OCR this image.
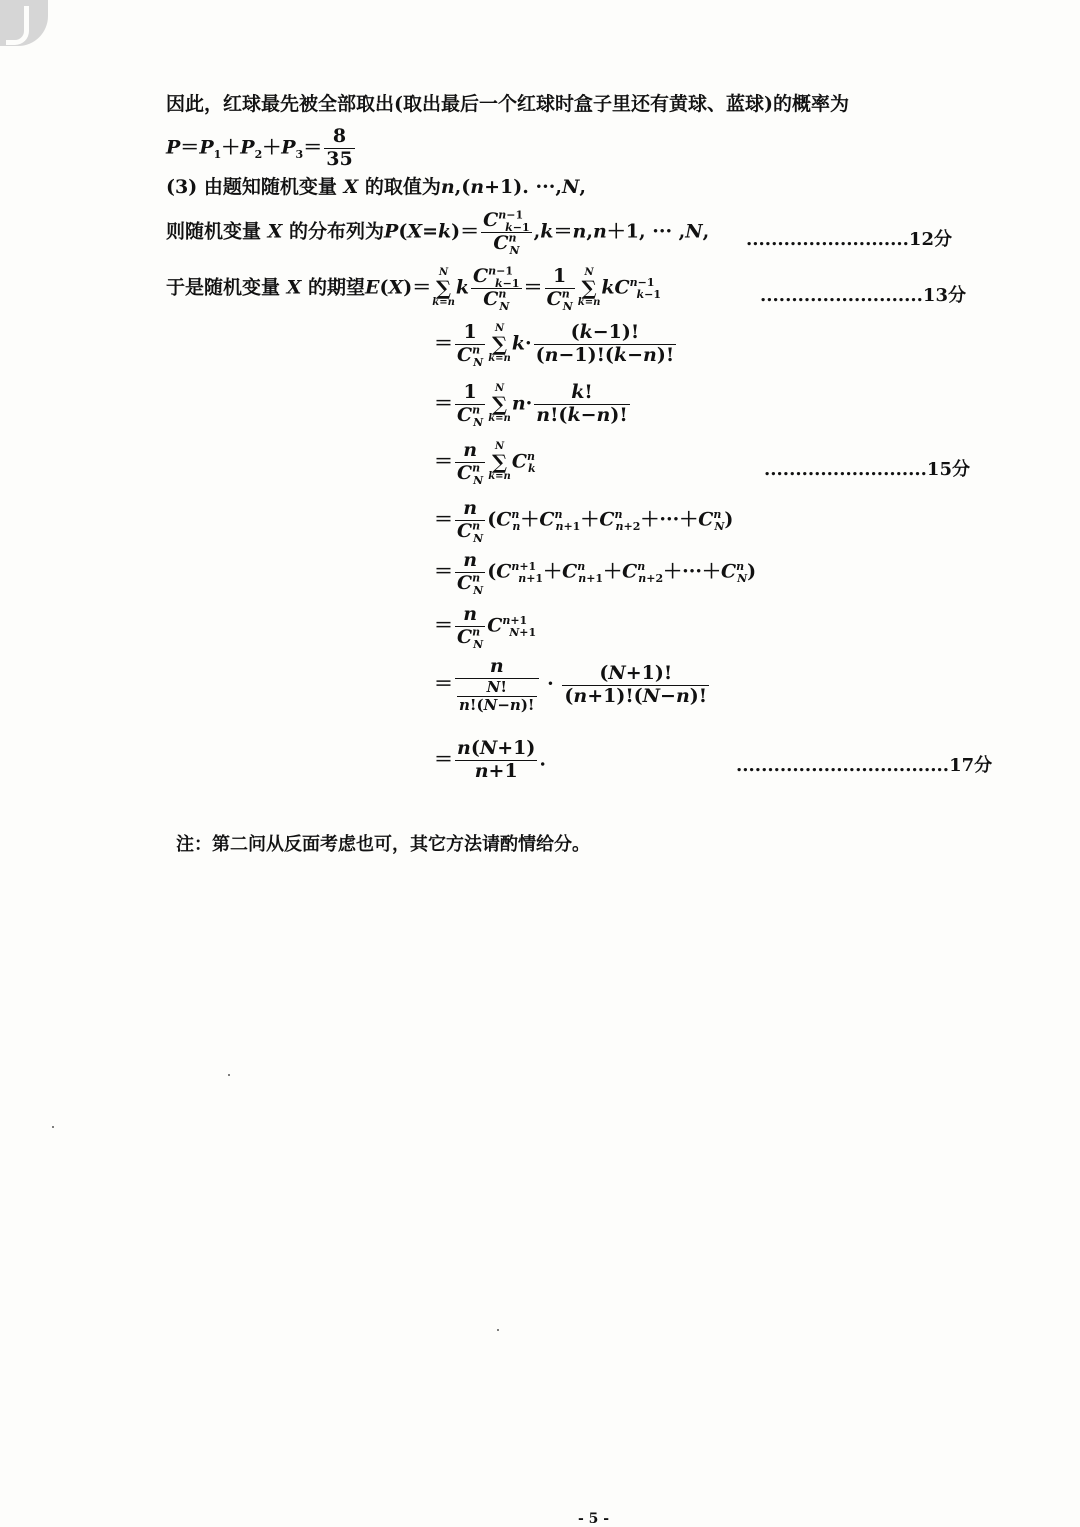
因此，红球最先被全部取出(取出最后一个红球时盒子里还有黄球、蓝球)的概率为
$P=P_1+P_2+P_3= \frac{8}{35}$
(3) 由题知随机变量 X 的取值为n,(n+1). ···,N,
则随机变量 X 的分布列为$P(X=k)= \frac{C^{n-1}_{k-1}}{C^n_N} ,k=n,n+1$, ··· ,N, ..........................12分
于是随机变量 X 的期望E(X)＝
N
∑
k=n
k $\frac{C^{n-1}_{k-1}}{C^n_N} = \frac{1}{C^n_N}$ N
∑
k=n
$kC^{n-1}_{k-1}$	..........................13分
＝ $\frac{1}{C^n_N}$ N
∑
k=n
$k\cdot \frac{(k-1)!}{(n-1)!(k-n)!}$
＝ $\frac{1}{C^n_N}$ N
∑
k=n
$n\cdot \frac{k!}{n!(k-n)!}$
＝ $\frac{n}{C^n_N}$ N
∑
k=n
$C^n_k$	..........................15分
＝ $\frac{n}{C^n_N} (C^n_n+C^n_{n+1}+C^n_{n+2}+\cdot\cdot\cdot+C^n_N)$
＝ $\frac{n}{C^n_N} (C^{n+1}_{n+1}+C^n_{n+1}+C^n_{n+2}+\cdot\cdot\cdot+C^n_N)$
＝ $\frac{n}{C^n_N} C^{n+1}_{N+1}$
＝ $\frac{n}{\frac{N!}{n!(N-n)!}} \cdot \frac{(N+1)!}{(n+1)!(N-n)!}$
＝ $\frac{n(N+1)}{n+1}$ .	..................................17分
注：第二问从反面考虑也可，其它方法请酌情给分。
- 5 -
